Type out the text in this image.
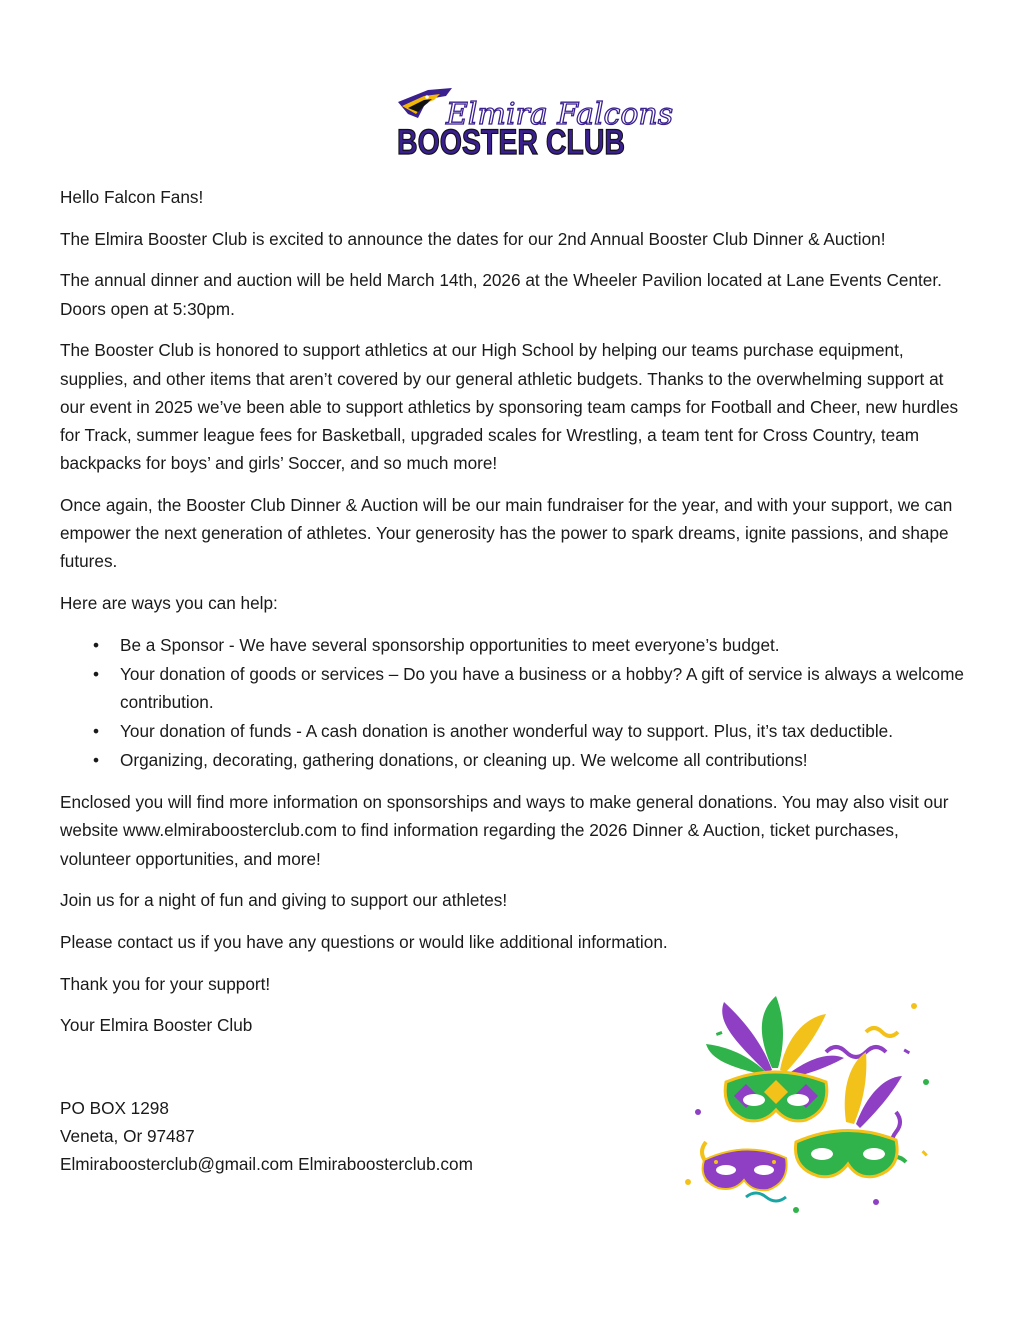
Elmira Falcons
BOOSTER CLUB

Hello Falcon Fans!

The Elmira Booster Club is excited to announce the dates for our 2nd Annual Booster Club Dinner & Auction!

The annual dinner and auction will be held March 14th, 2026 at the Wheeler Pavilion located at Lane Events Center. Doors open at 5:30pm.

The Booster Club is honored to support athletics at our High School by helping our teams purchase equipment, supplies, and other items that aren’t covered by our general athletic budgets. Thanks to the overwhelming support at our event in 2025 we’ve been able to support athletics by sponsoring team camps for Football and Cheer, new hurdles for Track, summer league fees for Basketball, upgraded scales for Wrestling, a team tent for Cross Country, team backpacks for boys’ and girls’ Soccer, and so much more!

Once again, the Booster Club Dinner & Auction will be our main fundraiser for the year, and with your support, we can empower the next generation of athletes. Your generosity has the power to spark dreams, ignite passions, and shape futures.

Here are ways you can help:

• Be a Sponsor - We have several sponsorship opportunities to meet everyone’s budget.
• Your donation of goods or services – Do you have a business or a hobby? A gift of service is always a welcome contribution.
• Your donation of funds - A cash donation is another wonderful way to support. Plus, it’s tax deductible.
• Organizing, decorating, gathering donations, or cleaning up. We welcome all contributions!

Enclosed you will find more information on sponsorships and ways to make general donations. You may also visit our website www.elmiraboosterclub.com to find information regarding the 2026 Dinner & Auction, ticket purchases, volunteer opportunities, and more!

Join us for a night of fun and giving to support our athletes!

Please contact us if you have any questions or would like additional information.

Thank you for your support!

Your Elmira Booster Club

PO BOX 1298

Veneta, Or 97487

Elmiraboosterclub@gmail.com Elmiraboosterclub.com
